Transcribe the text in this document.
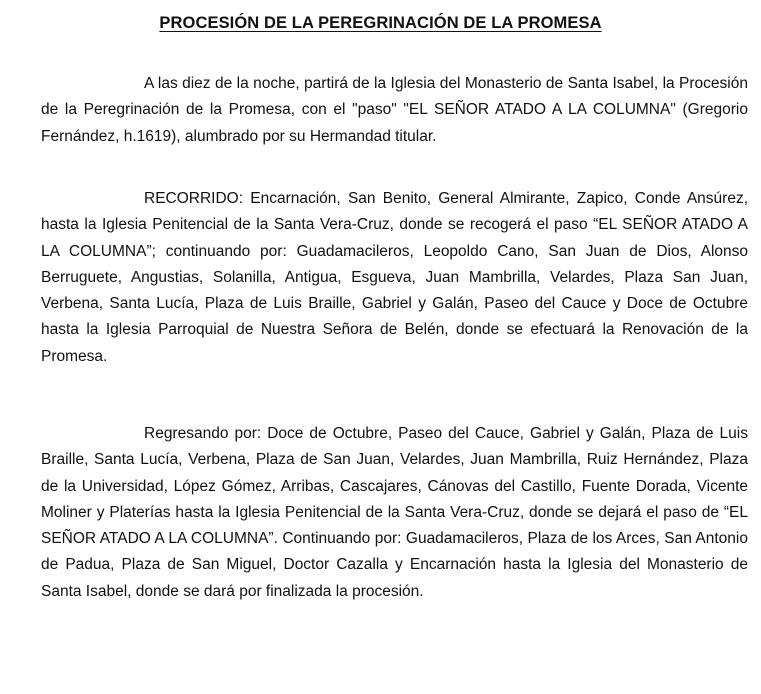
PROCESIÓN DE LA PEREGRINACIÓN DE LA PROMESA

A las diez de la noche, partirá de la Iglesia del Monasterio de Santa Isabel, la Procesión de la Peregrinación de la Promesa, con el "paso" "EL SEÑOR ATADO A LA COLUMNA" (Gregorio Fernández, h.1619), alumbrado por su Hermandad titular.

RECORRIDO: Encarnación, San Benito, General Almirante, Zapico, Conde Ansúrez, hasta la Iglesia Penitencial de la Santa Vera-Cruz, donde se recogerá el paso “EL SEÑOR ATADO A LA COLUMNA”; continuando por: Guadamacileros, Leopoldo Cano, San Juan de Dios, Alonso Berruguete, Angustias, Solanilla, Antigua, Esgueva, Juan Mambrilla, Velardes, Plaza San Juan, Verbena, Santa Lucía, Plaza de Luis Braille, Gabriel y Galán, Paseo del Cauce y Doce de Octubre hasta la Iglesia Parroquial de Nuestra Señora de Belén, donde se efectuará la Renovación de la Promesa.

Regresando por: Doce de Octubre, Paseo del Cauce, Gabriel y Galán, Plaza de Luis Braille, Santa Lucía, Verbena, Plaza de San Juan, Velardes, Juan Mambrilla, Ruiz Hernández, Plaza de la Universidad, López Gómez, Arribas, Cascajares, Cánovas del Castillo, Fuente Dorada, Vicente Moliner y Platerías hasta la Iglesia Penitencial de la Santa Vera-Cruz, donde se dejará el paso de “EL SEÑOR ATADO A LA COLUMNA”. Continuando por: Guadamacileros, Plaza de los Arces, San Antonio de Padua, Plaza de San Miguel, Doctor Cazalla y Encarnación hasta la Iglesia del Monasterio de Santa Isabel, donde se dará por finalizada la procesión.
